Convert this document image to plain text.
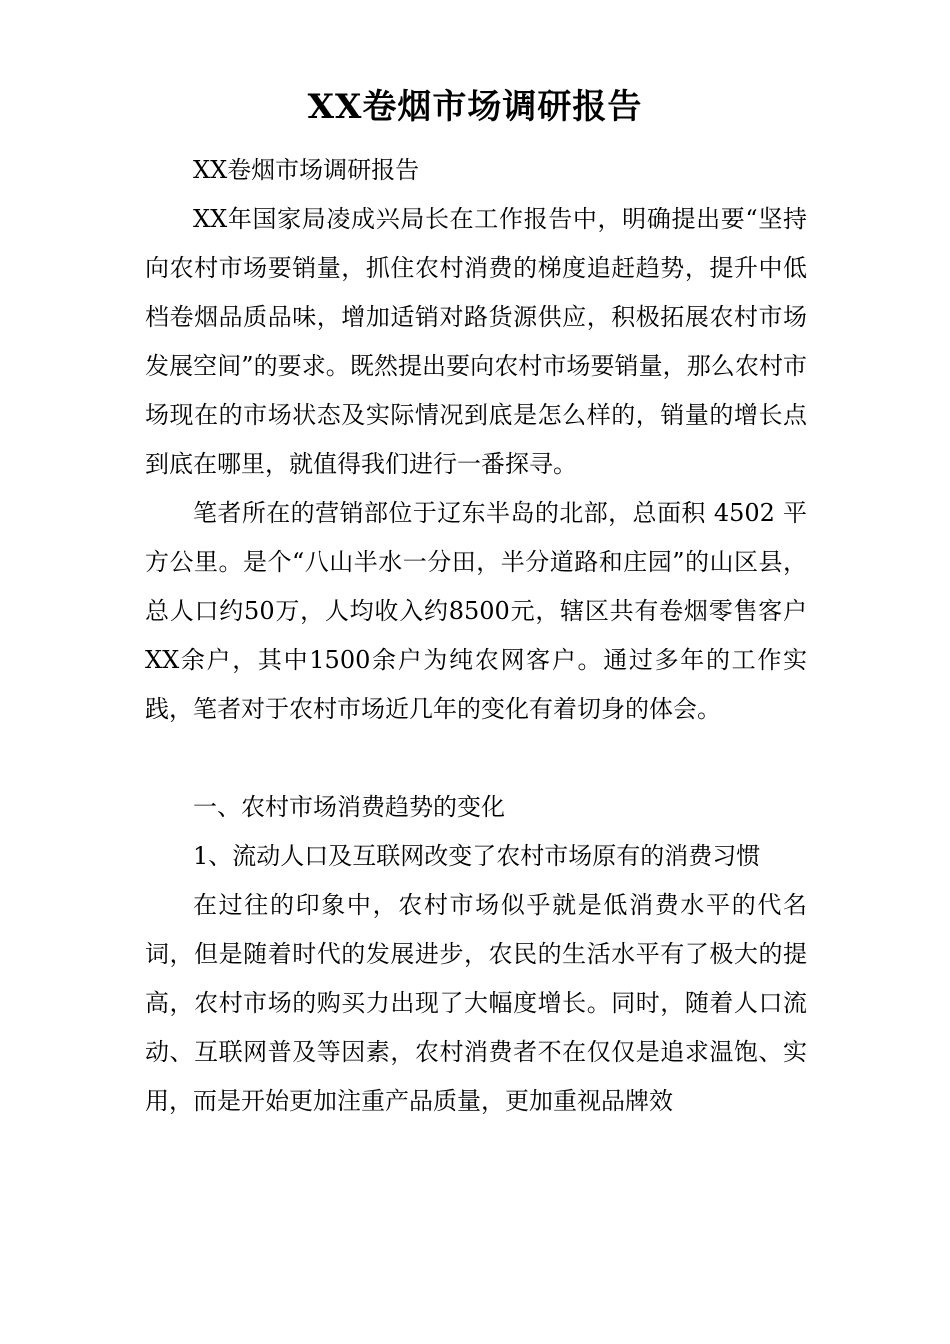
XX卷烟市场调研报告

XX卷烟市场调研报告

XX年国家局凌成兴局长在工作报告中，明确提出要“坚持向农村市场要销量，抓住农村消费的梯度追赶趋势，提升中低档卷烟品质品味，增加适销对路货源供应，积极拓展农村市场发展空间”的要求。既然提出要向农村市场要销量，那么农村市场现在的市场状态及实际情况到底是怎么样的，销量的增长点到底在哪里，就值得我们进行一番探寻。

笔者所在的营销部位于辽东半岛的北部，总面积 4502 平方公里。是个“八山半水一分田，半分道路和庄园”的山区县，总人口约50万，人均收入约8500元，辖区共有卷烟零售客户XX余户，其中1500余户为纯农网客户。通过多年的工作实践，笔者对于农村市场近几年的变化有着切身的体会。

一、农村市场消费趋势的变化

1、流动人口及互联网改变了农村市场原有的消费习惯

在过往的印象中，农村市场似乎就是低消费水平的代名词，但是随着时代的发展进步，农民的生活水平有了极大的提高，农村市场的购买力出现了大幅度增长。同时，随着人口流动、互联网普及等因素，农村消费者不在仅仅是追求温饱、实用，而是开始更加注重产品质量，更加重视品牌效
